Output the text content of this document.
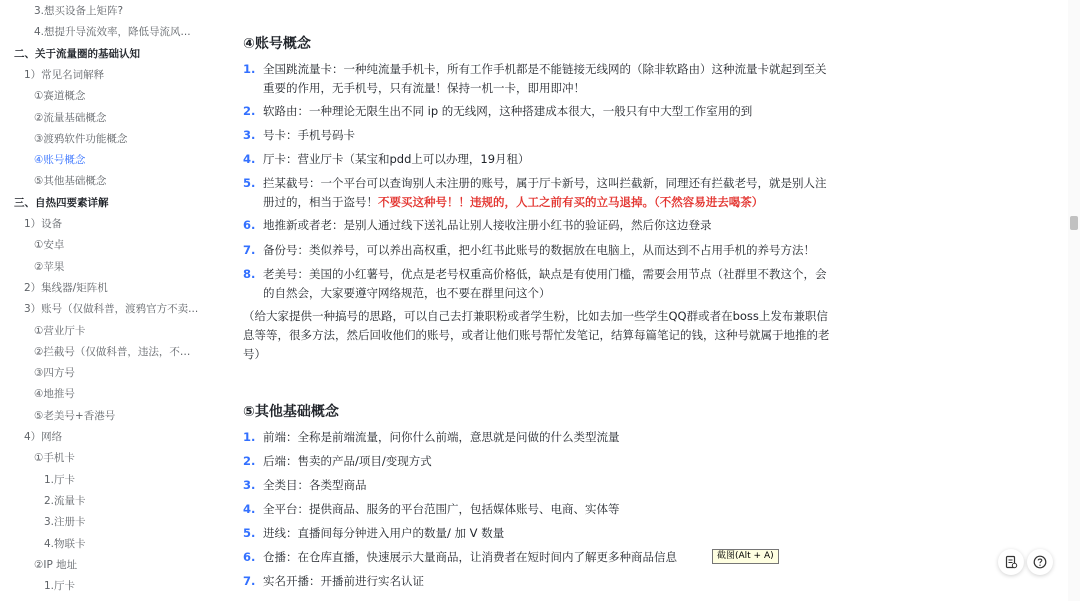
3.想买设备上矩阵?
4.想提升导流效率，降低导流风...
二、关于流量圈的基础认知
1）常见名词解释
①赛道概念
②流量基础概念
③渡鸦软件功能概念
④账号概念
⑤其他基础概念
三、自热四要素详解
1）设备
①安卓
②苹果
2）集线器/矩阵机
3）账号（仅做科普，渡鸦官方不卖...
①营业厅卡
②拦截号（仅做科普，违法，不准...
③四方号
④地推号
⑤老美号+香港号
4）网络
①手机卡
1.厅卡
2.流量卡
3.注册卡
4.物联卡
②IP 地址
1.厅卡
④账号概念
1. 全国跳流量卡：一种纯流量手机卡，所有工作手机都是不能链接无线网的（除非软路由）这种流量卡就起到至关重要的作用，无手机号，只有流量！保持一机一卡，即用即冲！
2. 软路由：一种理论无限生出不同 ip 的无线网，这种搭建成本很大，一般只有中大型工作室用的到
3. 号卡：手机号码卡
4. 厅卡：营业厅卡（某宝和pdd上可以办理，19月租）
5. 拦某截号：一个平台可以查询别人未注册的账号，属于厅卡新号，这叫拦截新，同理还有拦截老号，就是别人注册过的，相当于盗号！不要买这种号！！违规的，人工之前有买的立马退掉。（不然容易进去喝茶）
6. 地推新或者老：是别人通过线下送礼品让别人接收注册小红书的验证码，然后你这边登录
7. 备份号：类似养号，可以养出高权重，把小红书此账号的数据放在电脑上，从而达到不占用手机的养号方法！
8. 老美号：美国的小红薯号，优点是老号权重高价格低，缺点是有使用门槛，需要会用节点（社群里不教这个，会的自然会，大家要遵守网络规范，也不要在群里问这个）
（给大家提供一种搞号的思路，可以自己去打兼职粉或者学生粉，比如去加一些学生QQ群或者在boss上发布兼职信息等等，很多方法，然后回收他们的账号，或者让他们账号帮忙发笔记，结算每篇笔记的钱，这种号就属于地推的老号）
⑤其他基础概念
1. 前端：全称是前端流量，问你什么前端，意思就是问做的什么类型流量
2. 后端：售卖的产品/项目/变现方式
3. 全类目：各类型商品
4. 全平台：提供商品、服务的平台范围广，包括媒体账号、电商、实体等
5. 进线：直播间每分钟进入用户的数量/ 加 V 数量
6. 仓播：在仓库直播，快速展示大量商品，让消费者在短时间内了解更多种商品信息
7. 实名开播：开播前进行实名认证
截图(Alt + A)
